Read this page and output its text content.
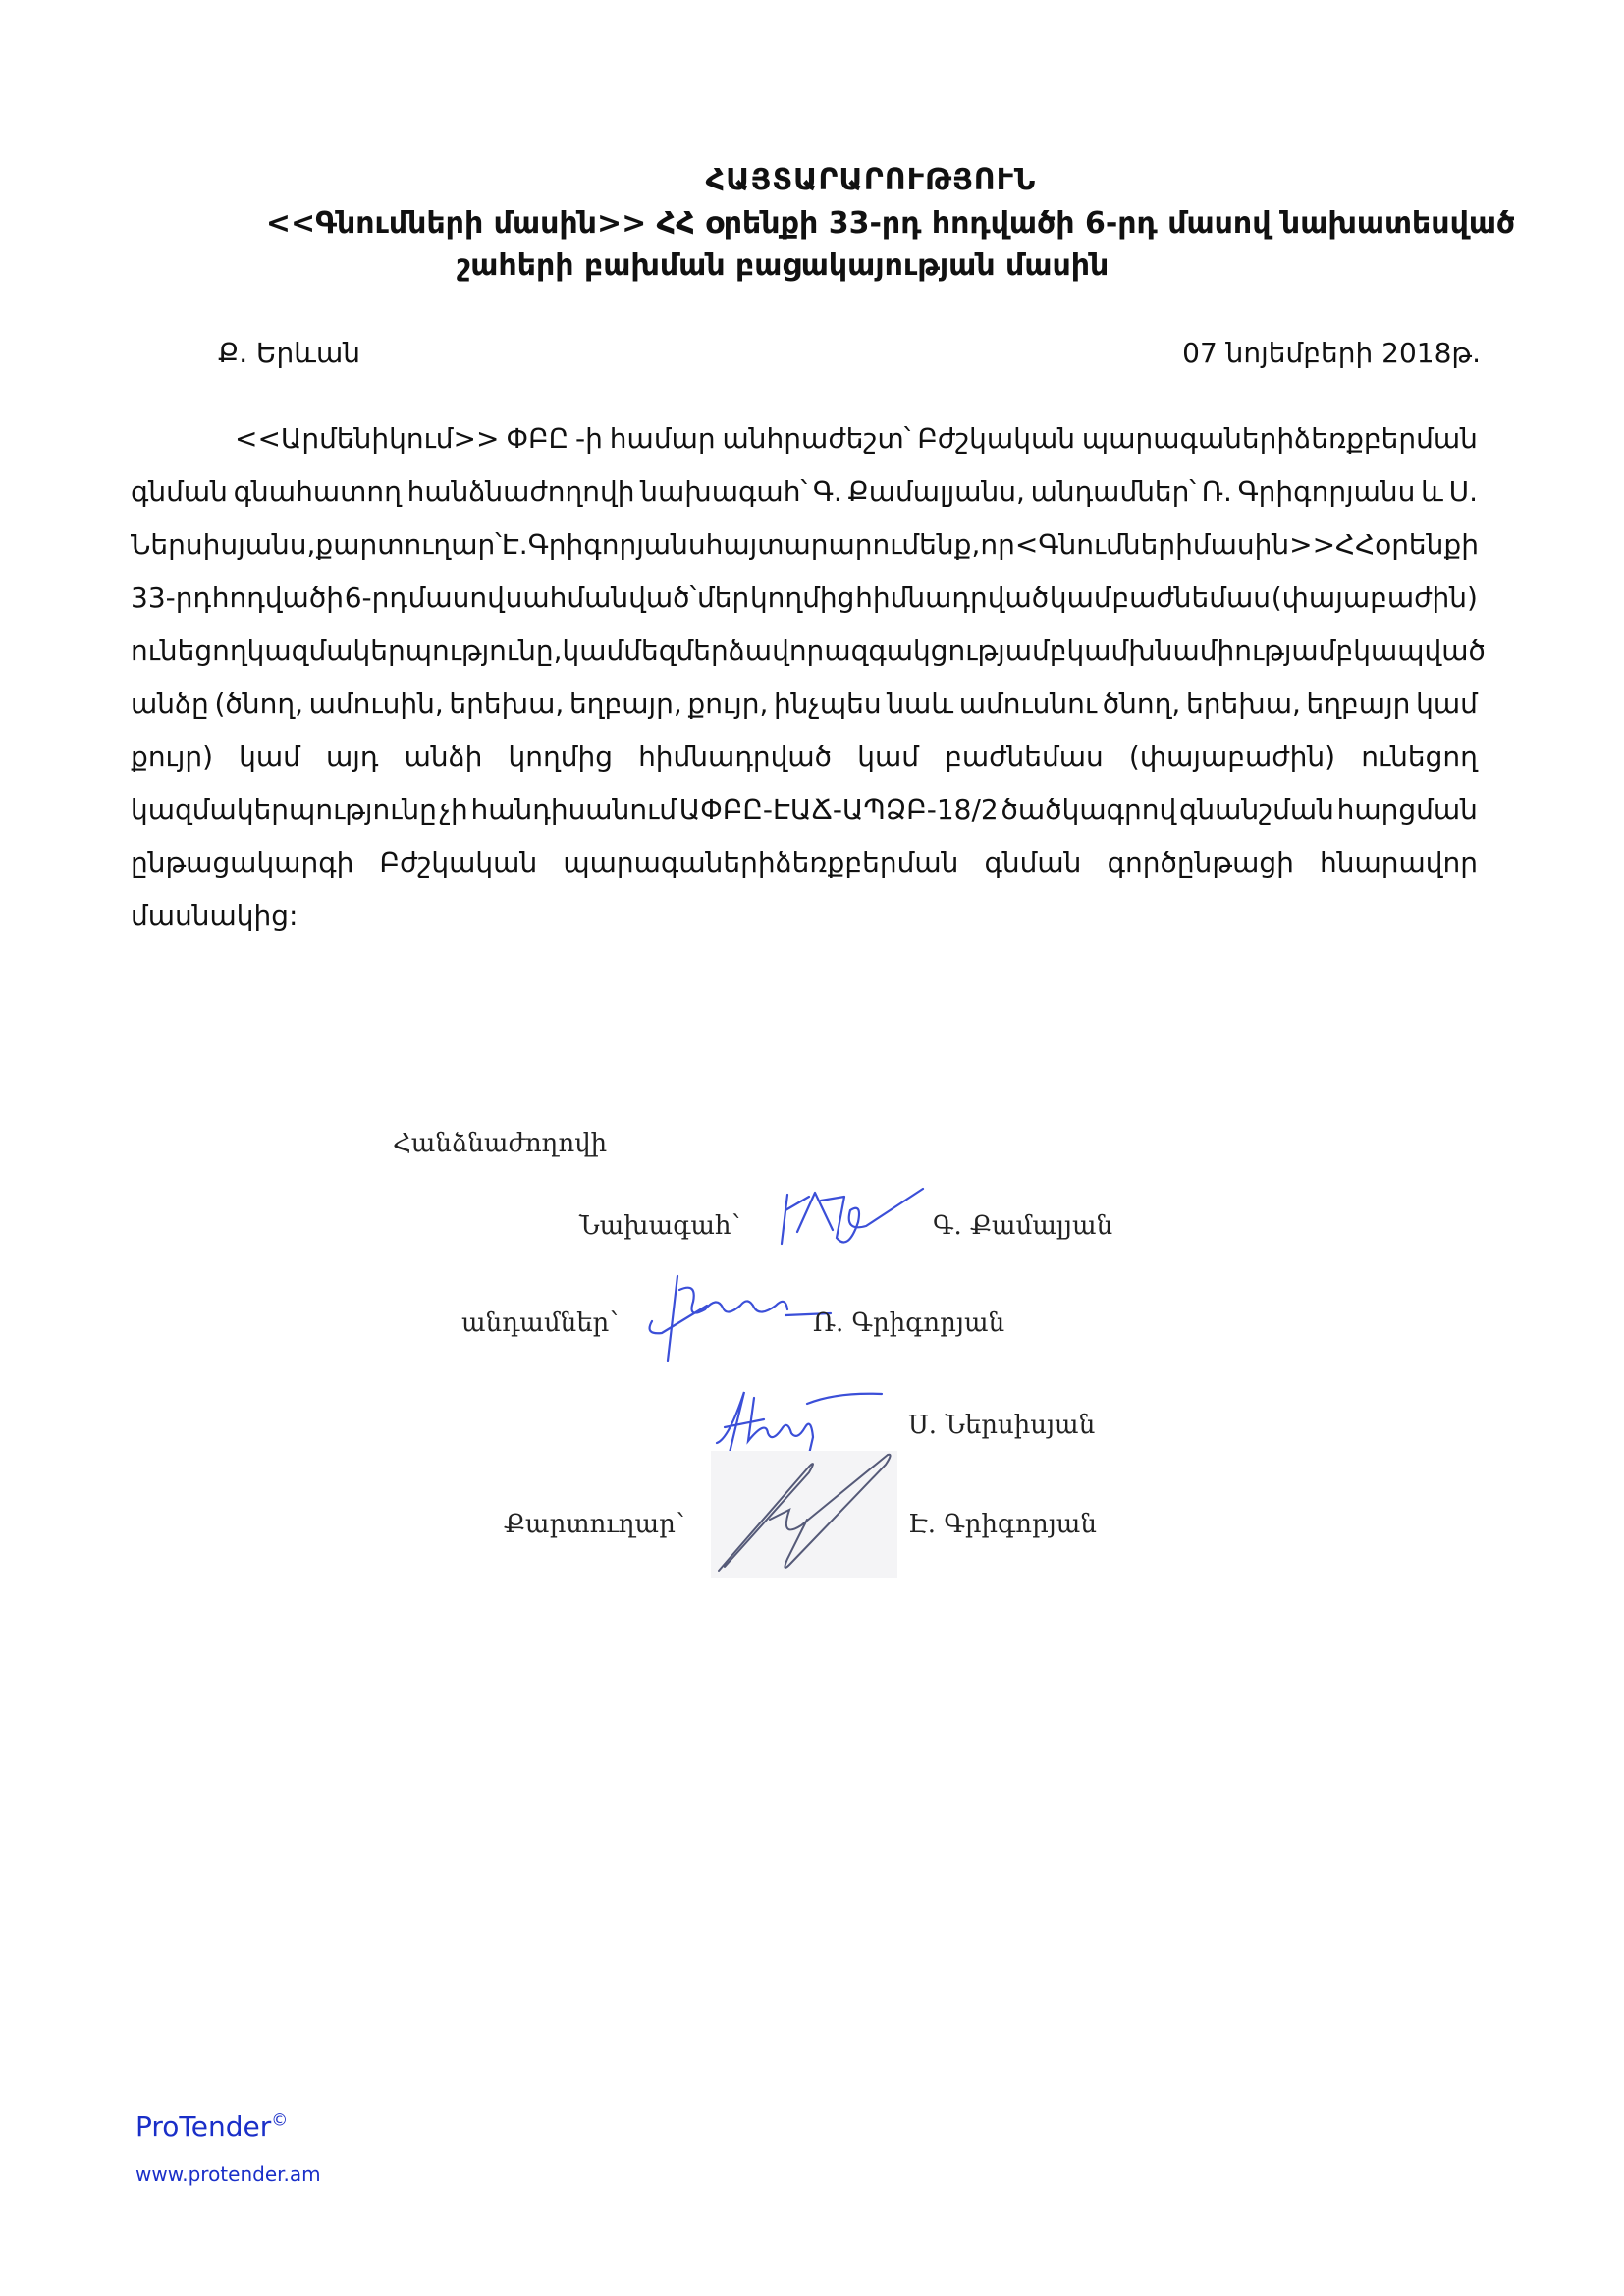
ՀԱՅՏԱՐԱՐՈՒԹՅՈՒՆ
<<Գնումների մասին>> ՀՀ օրենքի 33-րդ հոդվածի 6-րդ մասով նախատեսված
շահերի բախման բացակայության մասին
Ք. Երևան	07 նոյեմբերի 2018թ.
<<Արմենիկում>> ՓԲԸ -ի համար անհրաժեշտ՝ Բժշկական պարագաներիձեռքբերման
գնման գնահատող հանձնաժողովի նախագահ՝ Գ. Քամալյանս, անդամներ՝ Ռ. Գրիգորյանս և Ս.
Ներսիսյանս, քարտուղար՝ Է. Գրիգորյանս հայտարարում ենք, որ <Գնումների մասին>> ՀՀ օրենքի
33-րդ հոդվածի 6-րդ մասով սահմանված՝ մեր կողմից հիմնադրված կամ բաժնեմաս (փայաբաժին)
ունեցող կազմակերպությունը, կամ մեզ մերձավոր ազգակցությամբ կամ խնամիությամբ կապված
անձը (ծնող, ամուսին, երեխա, եղբայր, քույր, ինչպես նաև ամուսնու ծնող, երեխա, եղբայր կամ
քույր) կամ այդ անձի կողմից հիմնադրված կամ բաժնեմաս (փայաբաժին) ունեցող
կազմակերպությունը չի հանդիսանում ԱՓԲԸ-ԷԱՃ-ԱՊՁԲ-18/2 ծածկագրով գնանշման հարցման
ընթացակարգի Բժշկական պարագաներիձեռքբերման գնման գործընթացի հնարավոր
մասնակից:
Հանձնաժողովի
Նախագահ՝	Գ. Քամալյան
անդամներ՝	Ռ. Գրիգորյան
Ս. Ներսիսյան
Քարտուղար՝	Է. Գրիգորյան
ProTender©
www.protender.am
